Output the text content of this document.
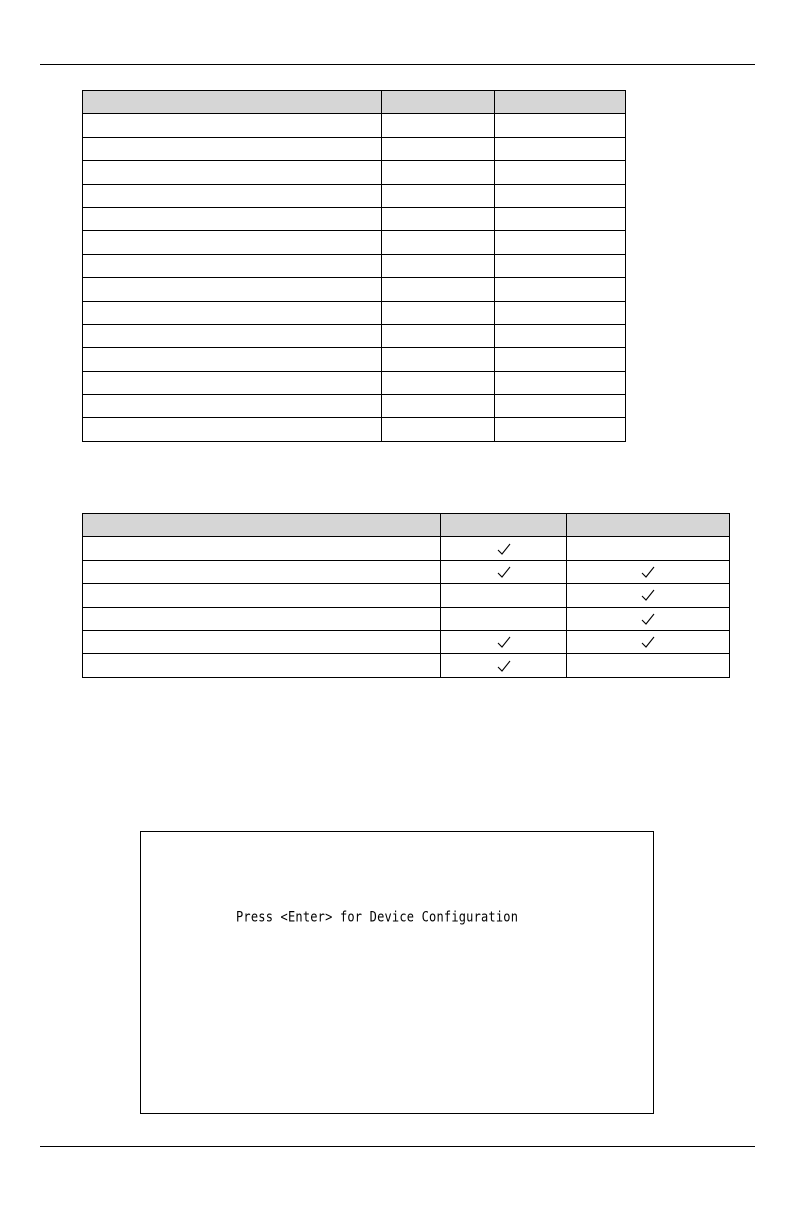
Press <Enter> for Device Configuration
